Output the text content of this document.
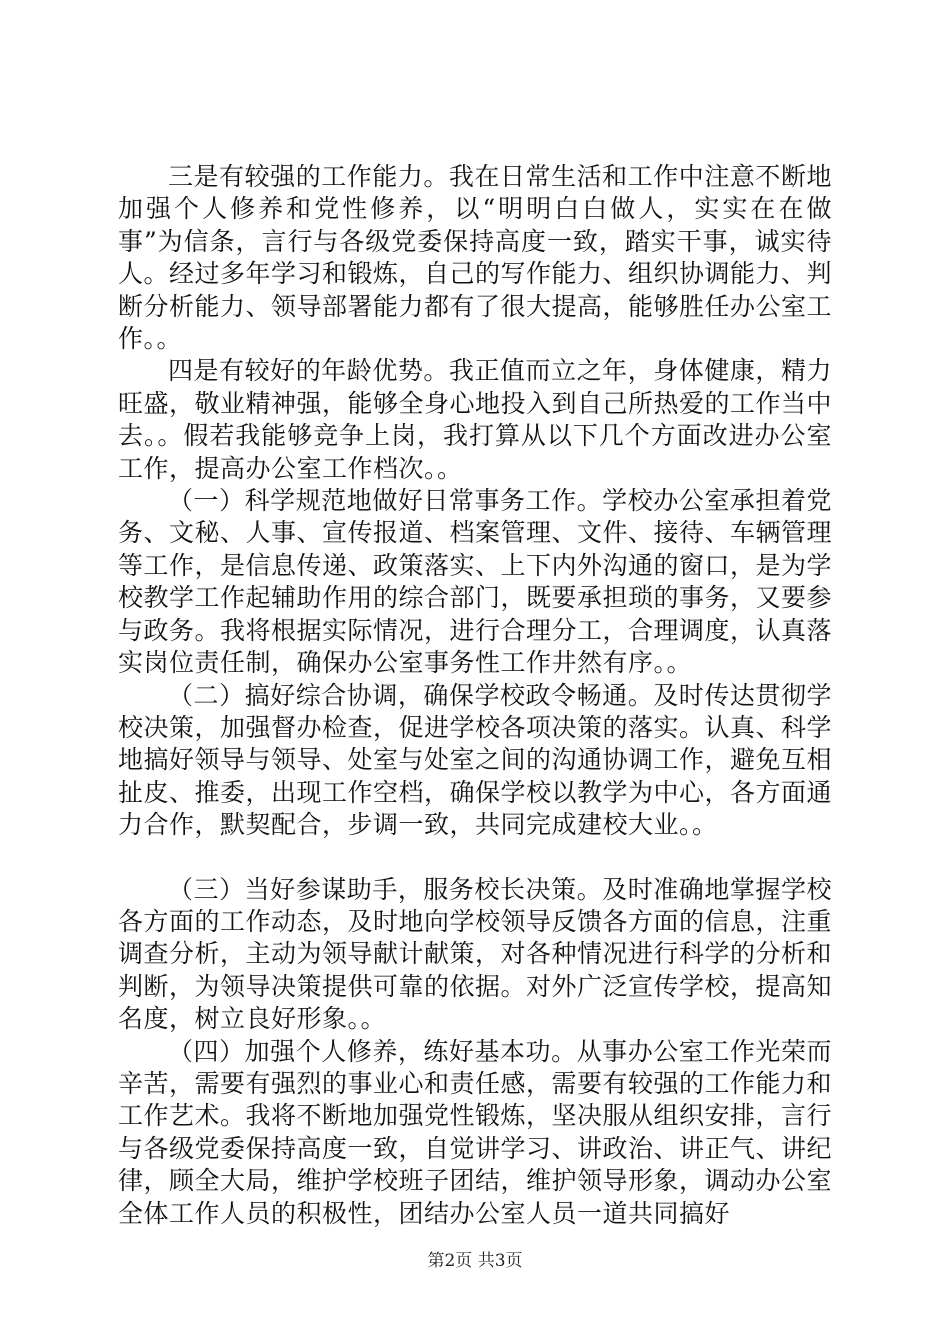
三是有较强的工作能力。我在日常生活和工作中注意不断地加强个人修养和党性修养，以“明明白白做人，实实在在做事”为信条，言行与各级党委保持高度一致，踏实干事，诚实待人。经过多年学习和锻炼，自己的写作能力、组织协调能力、判断分析能力、领导部署能力都有了很大提高，能够胜任办公室工作。。

四是有较好的年龄优势。我正值而立之年，身体健康，精力旺盛，敬业精神强，能够全身心地投入到自己所热爱的工作当中去。。假若我能够竞争上岗，我打算从以下几个方面改进办公室工作，提高办公室工作档次。。

（一）科学规范地做好日常事务工作。学校办公室承担着党务、文秘、人事、宣传报道、档案管理、文件、接待、车辆管理等工作，是信息传递、政策落实、上下内外沟通的窗口，是为学校教学工作起辅助作用的综合部门，既要承担琐的事务，又要参与政务。我将根据实际情况，进行合理分工，合理调度，认真落实岗位责任制，确保办公室事务性工作井然有序。。

（二）搞好综合协调，确保学校政令畅通。及时传达贯彻学校决策，加强督办检查，促进学校各项决策的落实。认真、科学地搞好领导与领导、处室与处室之间的沟通协调工作，避免互相扯皮、推委，出现工作空档，确保学校以教学为中心，各方面通力合作，默契配合，步调一致，共同完成建校大业。。

（三）当好参谋助手，服务校长决策。及时准确地掌握学校各方面的工作动态，及时地向学校领导反馈各方面的信息，注重调查分析，主动为领导献计献策，对各种情况进行科学的分析和判断，为领导决策提供可靠的依据。对外广泛宣传学校，提高知名度，树立良好形象。。

（四）加强个人修养，练好基本功。从事办公室工作光荣而辛苦，需要有强烈的事业心和责任感，需要有较强的工作能力和工作艺术。我将不断地加强党性锻炼，坚决服从组织安排，言行与各级党委保持高度一致，自觉讲学习、讲政治、讲正气、讲纪律，顾全大局，维护学校班子团结，维护领导形象，调动办公室全体工作人员的积极性，团结办公室人员一道共同搞好

第2页 共3页
